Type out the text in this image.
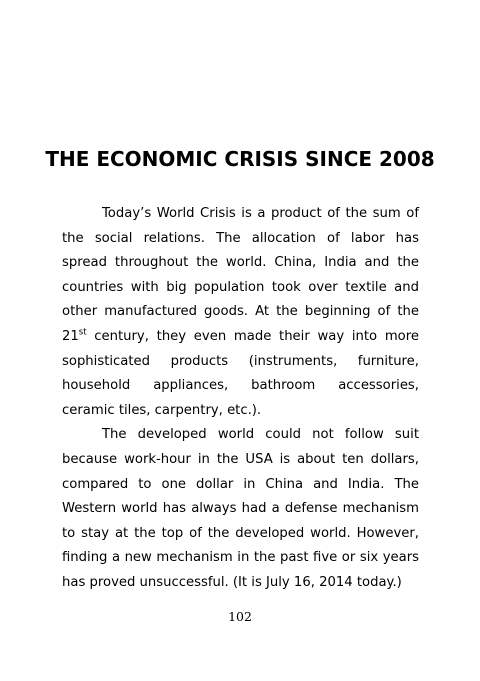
THE ECONOMIC CRISIS SINCE 2008

Today’s World Crisis is a product of the sum of the social relations. The allocation of labor has spread throughout the world. China, India and the countries with big population took over textile and other manufactured goods. At the beginning of the 21st century, they even made their way into more sophisticated products (instruments, furniture, household appliances, bathroom accessories, ceramic tiles, carpentry, etc.).

The developed world could not follow suit because work-hour in the USA is about ten dollars, compared to one dollar in China and India. The Western world has always had a defense mechanism to stay at the top of the developed world. However, finding a new mechanism in the past five or six years has proved unsuccessful. (It is July 16, 2014 today.)

102
